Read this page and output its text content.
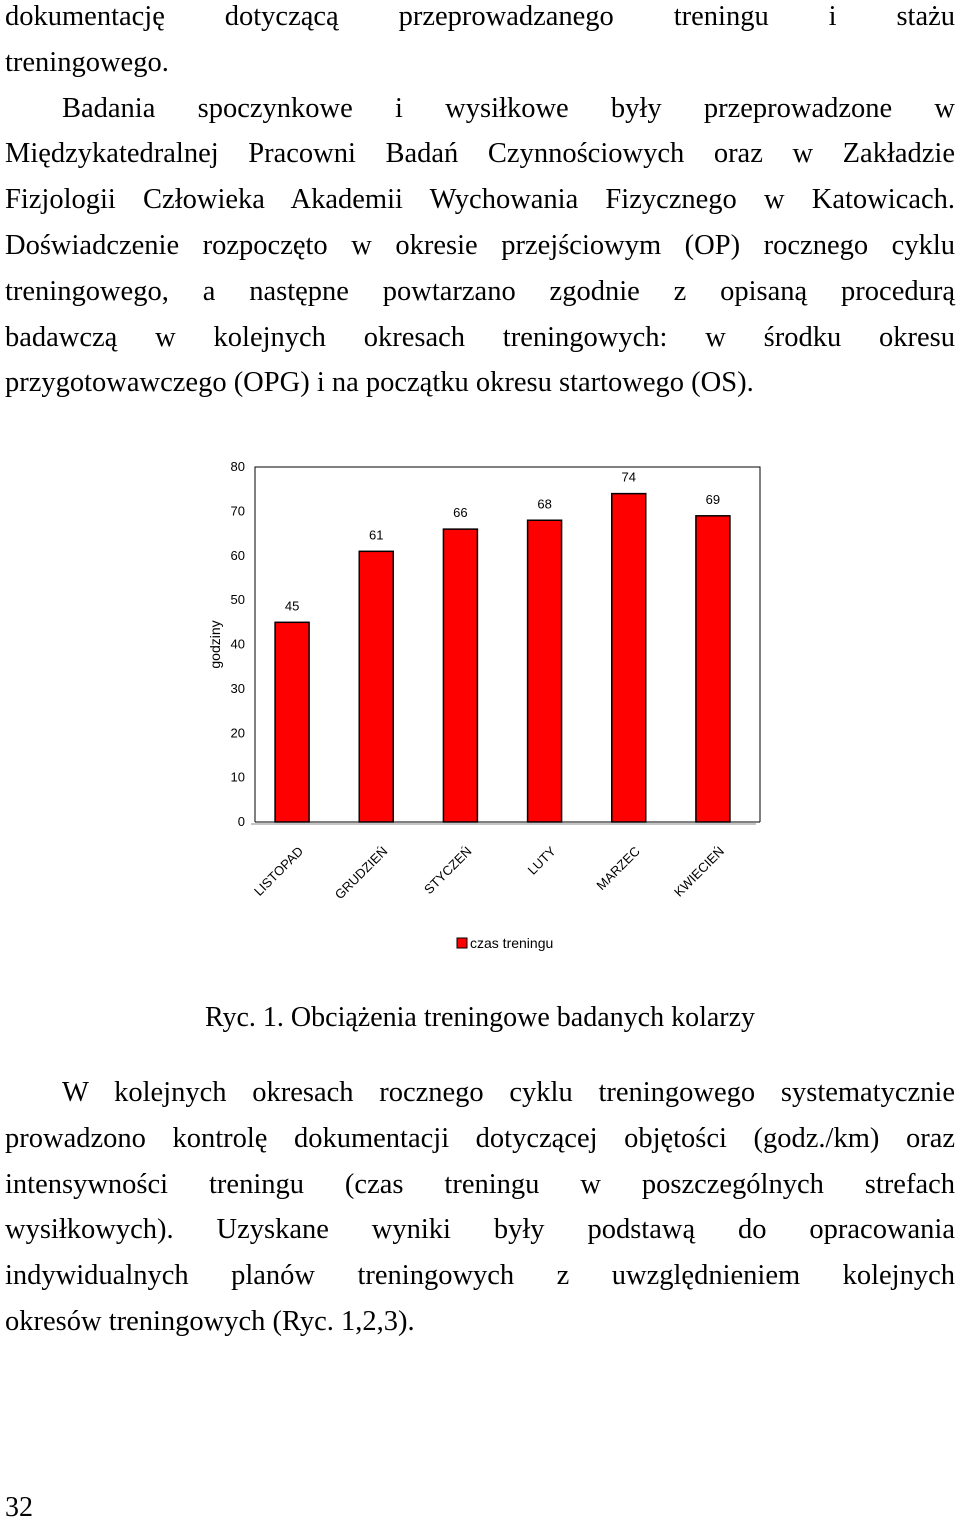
dokumentację dotyczącą przeprowadzanego treningu i stażu
treningowego.
Badania spoczynkowe i wysiłkowe były przeprowadzone w
Międzykatedralnej Pracowni Badań Czynnościowych oraz w Zakładzie
Fizjologii Człowieka Akademii Wychowania Fizycznego w Katowicach.
Doświadczenie rozpoczęto w okresie przejściowym (OP) rocznego cyklu
treningowego, a następne powtarzano zgodnie z opisaną procedurą
badawczą w kolejnych okresach treningowych: w środku okresu
przygotowawczego (OPG) i na początku okresu startowego (OS).
0
10
20
30
40
50
60
70
80
godziny
45
LISTOPAD
61
GRUDZIEŃ
66
STYCZEŃ
68
LUTY
74
MARZEC
69
KWIECIEŃ
czas treningu

Ryc. 1. Obciążenia treningowe badanych kolarzy

W kolejnych okresach rocznego cyklu treningowego systematycznie
prowadzono kontrolę dokumentacji dotyczącej objętości (godz./km) oraz
intensywności treningu (czas treningu w poszczególnych strefach
wysiłkowych). Uzyskane wyniki były podstawą do opracowania
indywidualnych planów treningowych z uwzględnieniem kolejnych
okresów treningowych (Ryc. 1,2,3).

32
